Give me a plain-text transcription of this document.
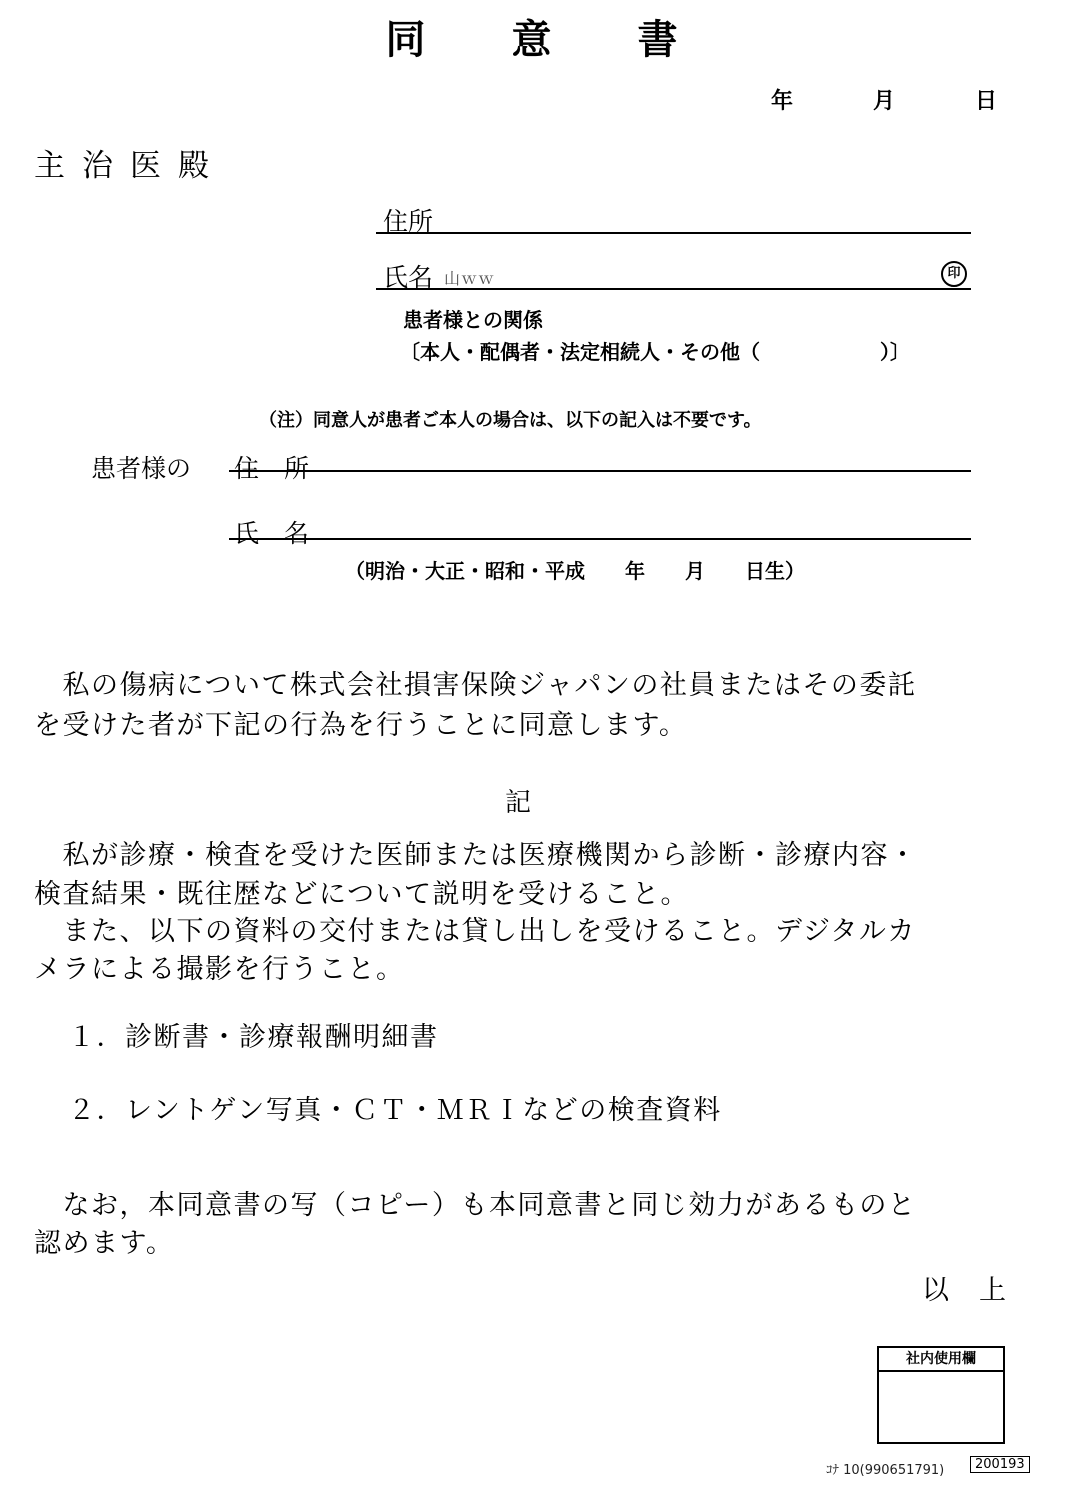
同 意 書
年	月	日
主治医殿
住所
氏名 山ｗｗ	印
患者様との関係
〔本人・配偶者・法定相続人・その他（　　　　　　）〕
（注）同意人が患者ご本人の場合は、以下の記入は不要です。
患者様の 住　所
氏　名
（明治・大正・昭和・平成　　年　　月　　日生）
　私の傷病について株式会社損害保険ジャパンの社員またはその委託
を受けた者が下記の行為を行うことに同意します。
記
　私が診療・検査を受けた医師または医療機関から診断・診療内容・
検査結果・既往歴などについて説明を受けること。
　また、以下の資料の交付または貸し出しを受けること。デジタルカ
メラによる撮影を行うこと。
１．診断書・診療報酬明細書
２．レントゲン写真・ＣＴ・ＭＲＩなどの検査資料
　なお，本同意書の写（コピー）も本同意書と同じ効力があるものと
認めます。
以　上
社内使用欄
ｺﾅ 10(990651791)	200193
